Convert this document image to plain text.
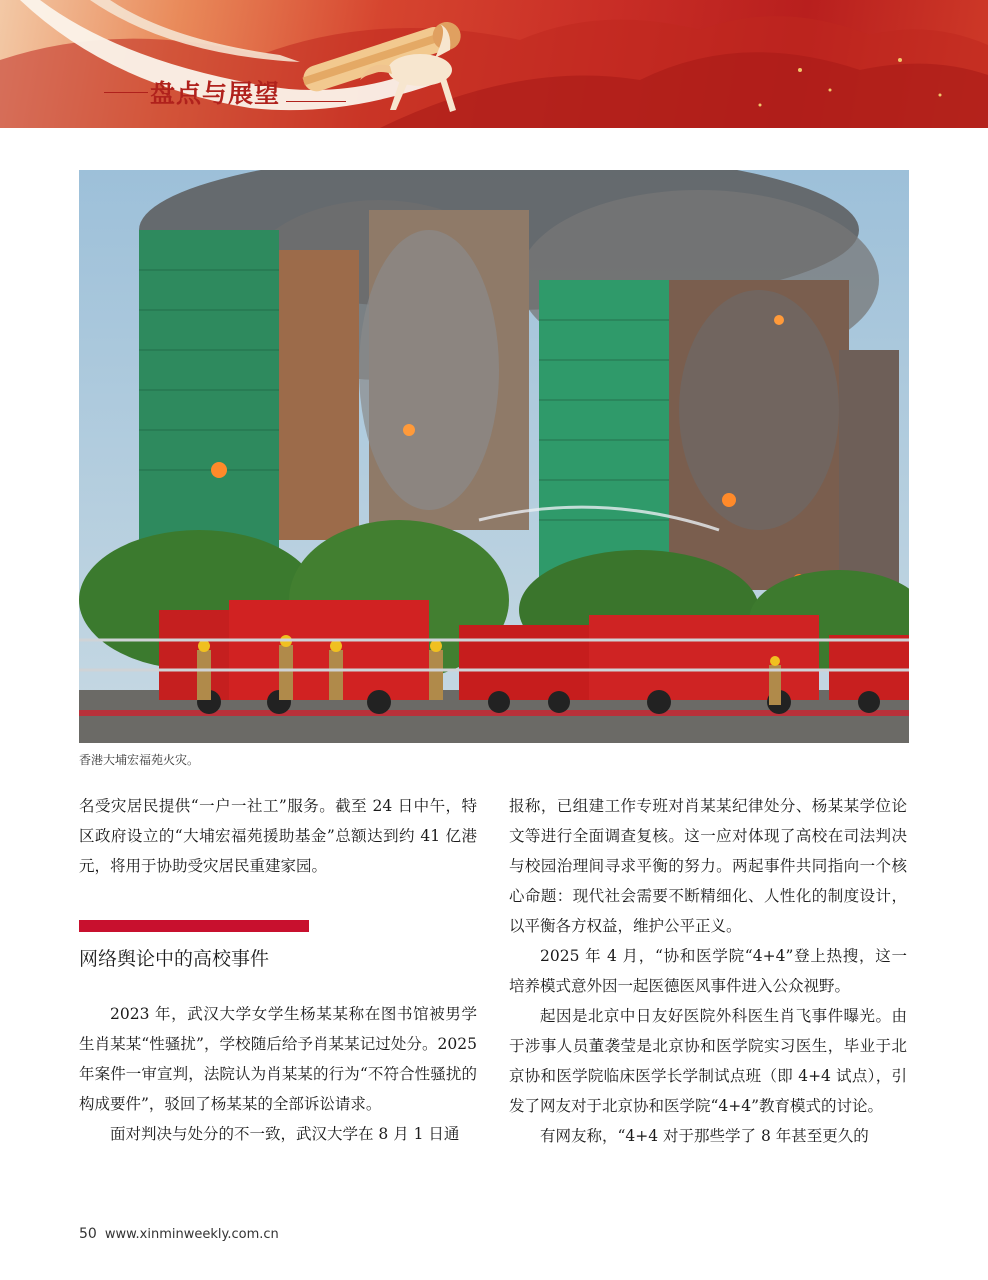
盘点与展望
香港大埔宏福苑火灾。

名受灾居民提供“一户一社工”服务。截至 24 日中午，特区政府设立的“大埔宏福苑援助基金”总额达到约 41 亿港元，将用于协助受灾居民重建家园。

网络舆论中的高校事件

2023 年，武汉大学女学生杨某某称在图书馆被男学生肖某某“性骚扰”，学校随后给予肖某某记过处分。2025 年案件一审宣判，法院认为肖某某的行为“不符合性骚扰的构成要件”，驳回了杨某某的全部诉讼请求。

面对判决与处分的不一致，武汉大学在 8 月 1 日通

报称，已组建工作专班对肖某某纪律处分、杨某某学位论文等进行全面调查复核。这一应对体现了高校在司法判决与校园治理间寻求平衡的努力。两起事件共同指向一个核心命题：现代社会需要不断精细化、人性化的制度设计，以平衡各方权益，维护公平正义。

2025 年 4 月，“协和医学院“4+4”登上热搜，这一培养模式意外因一起医德医风事件进入公众视野。

起因是北京中日友好医院外科医生肖飞事件曝光。由于涉事人员董袭莹是北京协和医学院实习医生，毕业于北京协和医学院临床医学长学制试点班（即 4+4 试点），引发了网友对于北京协和医学院“4+4”教育模式的讨论。

有网友称，“4+4 对于那些学了 8 年甚至更久的

50 www.xinminweekly.com.cn
